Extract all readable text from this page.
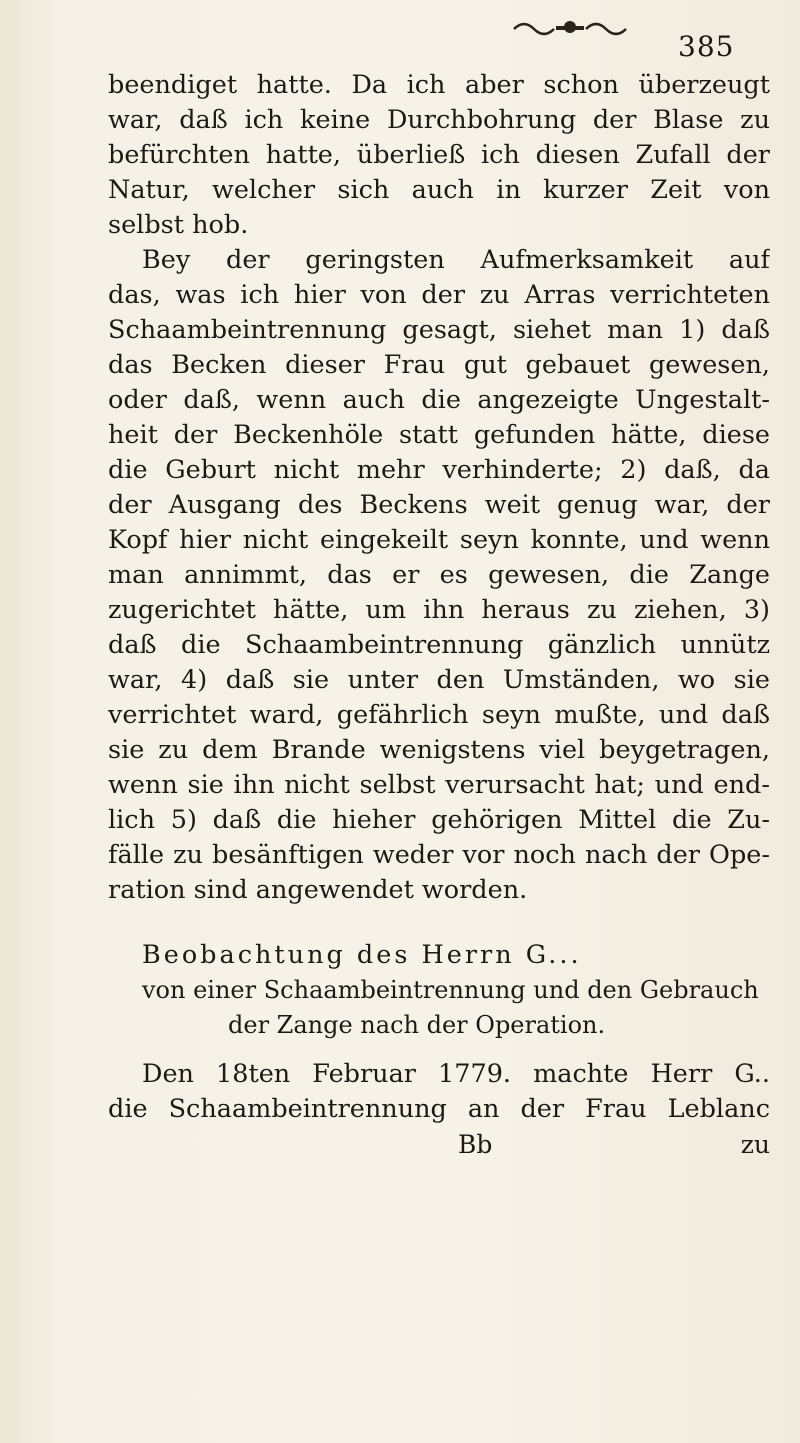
385
beendiget hatte. Da ich aber schon überzeugt
war, daß ich keine Durchbohrung der Blase zu
befürchten hatte, überließ ich diesen Zufall der
Natur, welcher sich auch in kurzer Zeit von
selbst hob.
Bey der geringsten Aufmerksamkeit auf
das, was ich hier von der zu Arras verrichteten
Schaambeintrennung gesagt, siehet man 1) daß
das Becken dieser Frau gut gebauet gewesen,
oder daß, wenn auch die angezeigte Ungestalt-
heit der Beckenhöle statt gefunden hätte, diese
die Geburt nicht mehr verhinderte; 2) daß, da
der Ausgang des Beckens weit genug war, der
Kopf hier nicht eingekeilt seyn konnte, und wenn
man annimmt, das er es gewesen, die Zange
zugerichtet hätte, um ihn heraus zu ziehen, 3)
daß die Schaambeintrennung gänzlich unnütz
war, 4) daß sie unter den Umständen, wo sie
verrichtet ward, gefährlich seyn mußte, und daß
sie zu dem Brande wenigstens viel beygetragen,
wenn sie ihn nicht selbst verursacht hat; und end-
lich 5) daß die hieher gehörigen Mittel die Zu-
fälle zu besänftigen weder vor noch nach der Ope-
ration sind angewendet worden.
Beobachtung des Herrn G...
von einer Schaambeintrennung und den Gebrauch
der Zange nach der Operation.
Den 18ten Februar 1779. machte Herr G..
die Schaambeintrennung an der Frau Leblanc
Bb	zu
